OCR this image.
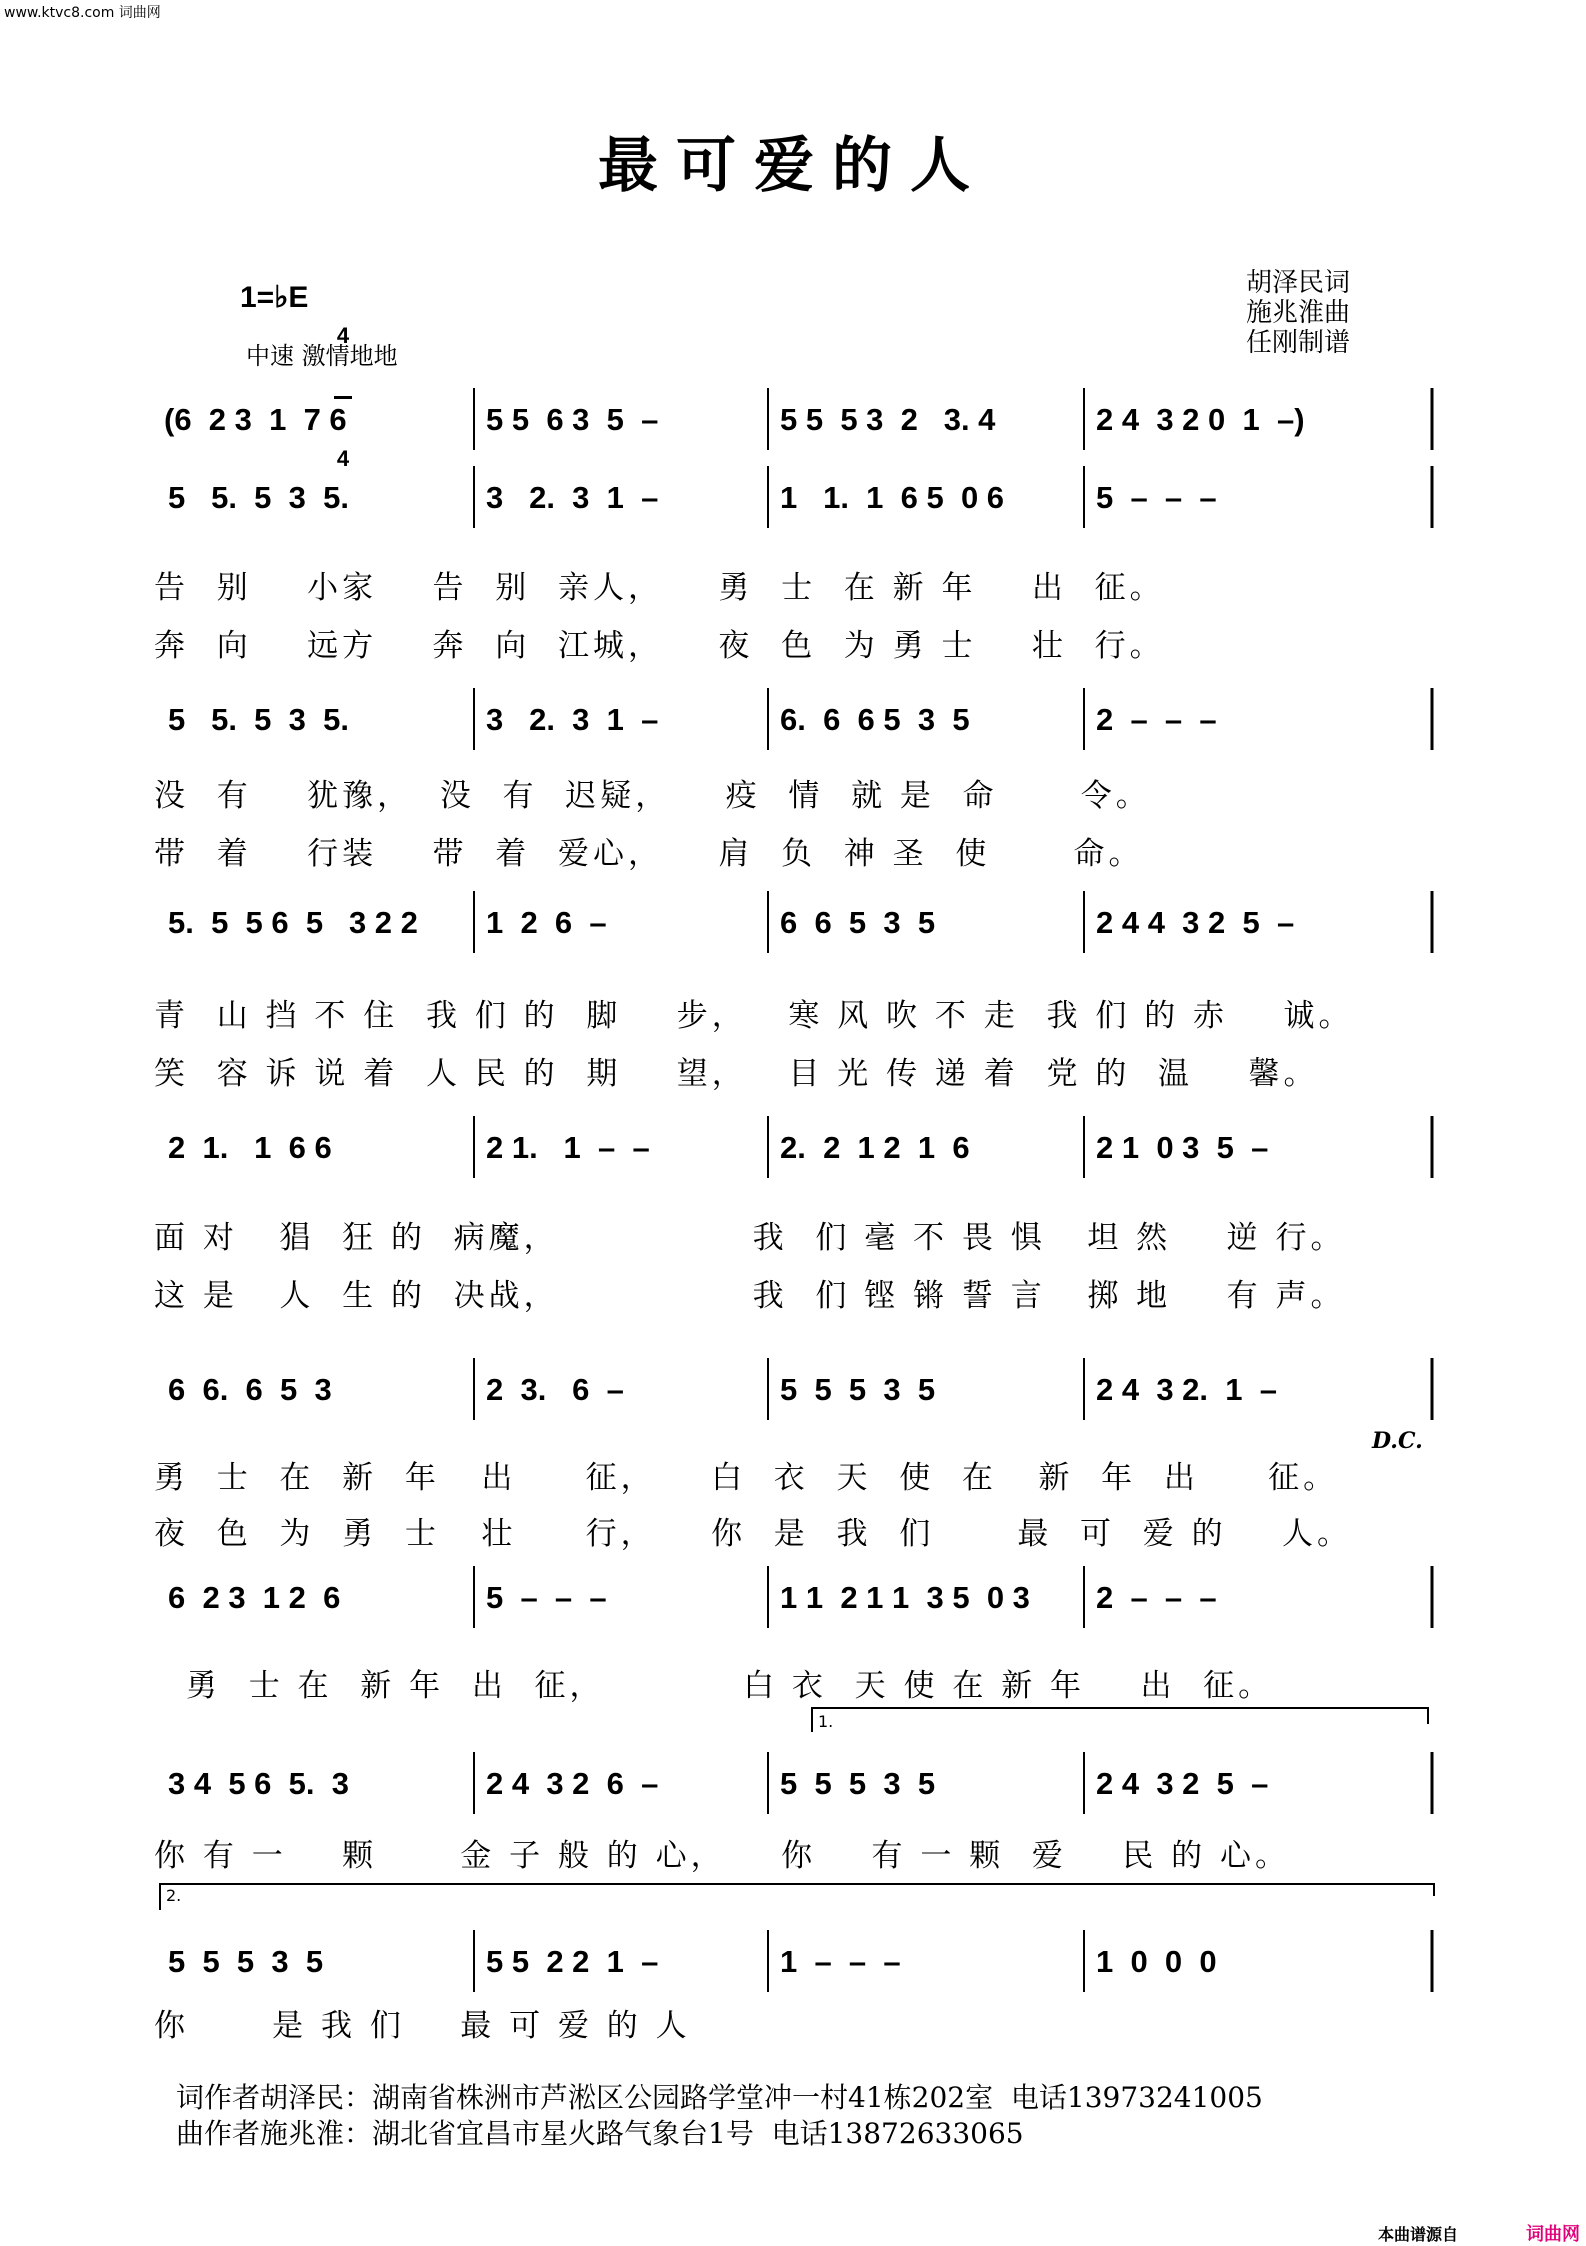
www.ktvc8.com 词曲网
最可爱的人
1=♭E

4

4

中速 激情地地
胡泽民词
施兆淮曲
任刚制谱
(6  2 3  1  7 6	5 5  6 3  5  –	5 5  5 3  2   3. 4	2 4  3 2 0  1  –)
5   5.  5  3  5.	3   2.  3  1  –	1   1.  1  6 5  0 6	5  –  –  –
告  别    小家    告  别  亲人，    勇  士  在 新 年    出  征。
奔  向    远方    奔  向  江城，    夜  色  为 勇 士    壮  行。
5   5.  5  3  5.	3   2.  3  1  –	6.  6  6 5  3  5	2  –  –  –
没  有    犹豫，  没  有  迟疑，    疫  情  就 是  命      令。
带  着    行装    带  着  爱心，    肩  负  神 圣  使      命。
5.  5  5 6  5   3 2 2 1  2  6  –	6  6  5  3  5	2 4 4  3 2  5  –
青  山 挡 不 住  我 们 的  脚    步，   寒 风 吹 不 走  我 们 的 赤    诚。
笑  容 诉 说 着  人 民 的  期    望，   目 光 传 递 着  党 的  温    馨。
2  1.   1  6 6	2 1.   1  –  –	2.  2  1 2  1  6	2 1  0 3  5  –
面 对   猖  狂 的  病魔，              我  们 毫 不 畏 惧   坦 然    逆 行。
这 是   人  生 的  决战，              我  们 铿 锵 誓 言   掷 地    有 声。
6  6.  6  5  3	2  3.   6  –	5  5  5  3  5	2 4  3 2.  1  –
勇  士  在  新  年   出     征，    白  衣  天  使  在   新  年  出     征。
夜  色  为  勇  士   壮     行，    你  是  我  们      最  可  爱 的    人。
6  2 3  1 2  6	5  –  –  –	1 1  2 1 1  3 5  0 3 2  –  –  –
勇  士 在  新 年  出  征，          白 衣  天 使 在 新 年    出  征。
3 4  5 6  5.  3	2 4  3 2  6  –	5  5  5  3  5	2 4  3 2  5  –
你 有 一    颗      金 子 般 的 心，    你    有 一 颗  爱    民 的 心。
5  5  5  3  5	5 5  2 2  1  –	1  –  –  –	1  0  0  0
你      是 我 们    最 可 爱 的 人
D.C.
词作者胡泽民：湖南省株洲市芦淞区公园路学堂冲一村41栋202室  电话13973241005
曲作者施兆淮：湖北省宜昌市星火路气象台1号  电话13872633065
本曲谱源自	词曲网
1.
2.
